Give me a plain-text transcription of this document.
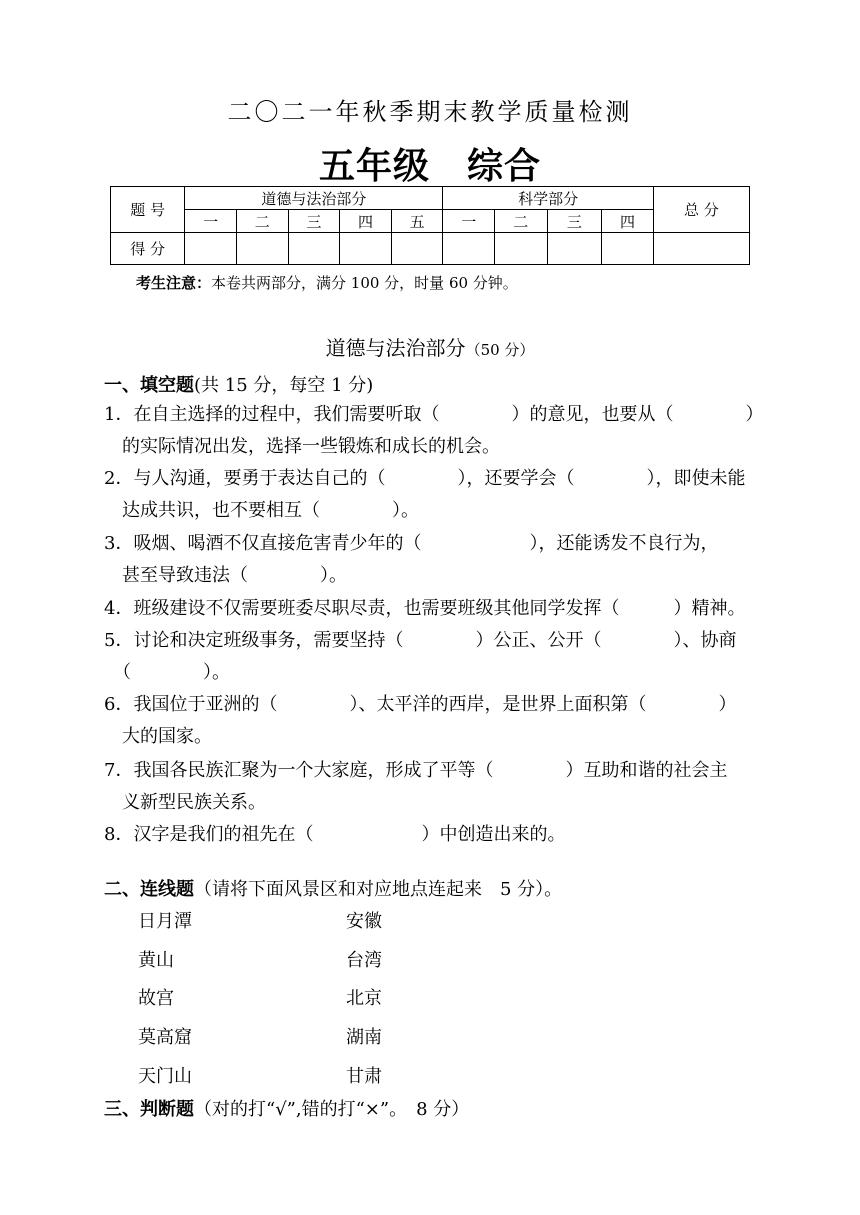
二〇二一年秋季期末教学质量检测
五年级　综合
题 号	道德与法治部分					科学部分				总 分
	一	二	三	四	五	一	二	三	四	
得 分										
考生注意：本卷共两部分，满分 100 分，时量 60 分钟。
道德与法治部分（50 分）
一、填空题(共 15 分，每空 1 分)
1．在自主选择的过程中，我们需要听取（　　　　）的意见，也要从（　　　　）
　的实际情况出发，选择一些锻炼和成长的机会。
2．与人沟通，要勇于表达自己的（　　　　），还要学会（　　　　），即使未能
　达成共识，也不要相互（　　　　）。
3．吸烟、喝酒不仅直接危害青少年的（　　　　　　），还能诱发不良行为，
　甚至导致违法（　　　　）。
4．班级建设不仅需要班委尽职尽责，也需要班级其他同学发挥（　　　）精神。
5．讨论和决定班级事务，需要坚持（　　　　）公正、公开（　　　　）、协商
　（　　　　）。
6．我国位于亚洲的（　　　　）、太平洋的西岸，是世界上面积第（　　　　）
　大的国家。
7．我国各民族汇聚为一个大家庭，形成了平等（　　　　）互助和谐的社会主
　义新型民族关系。
8．汉字是我们的祖先在（　　　　　　）中创造出来的。
二、连线题（请将下面风景区和对应地点连起来　5 分）。
日月潭
黄山
故宫
莫高窟
天门山
安徽
台湾
北京
湖南
甘肃
三、判断题（对的打“√”,错的打“×”。　8 分）
